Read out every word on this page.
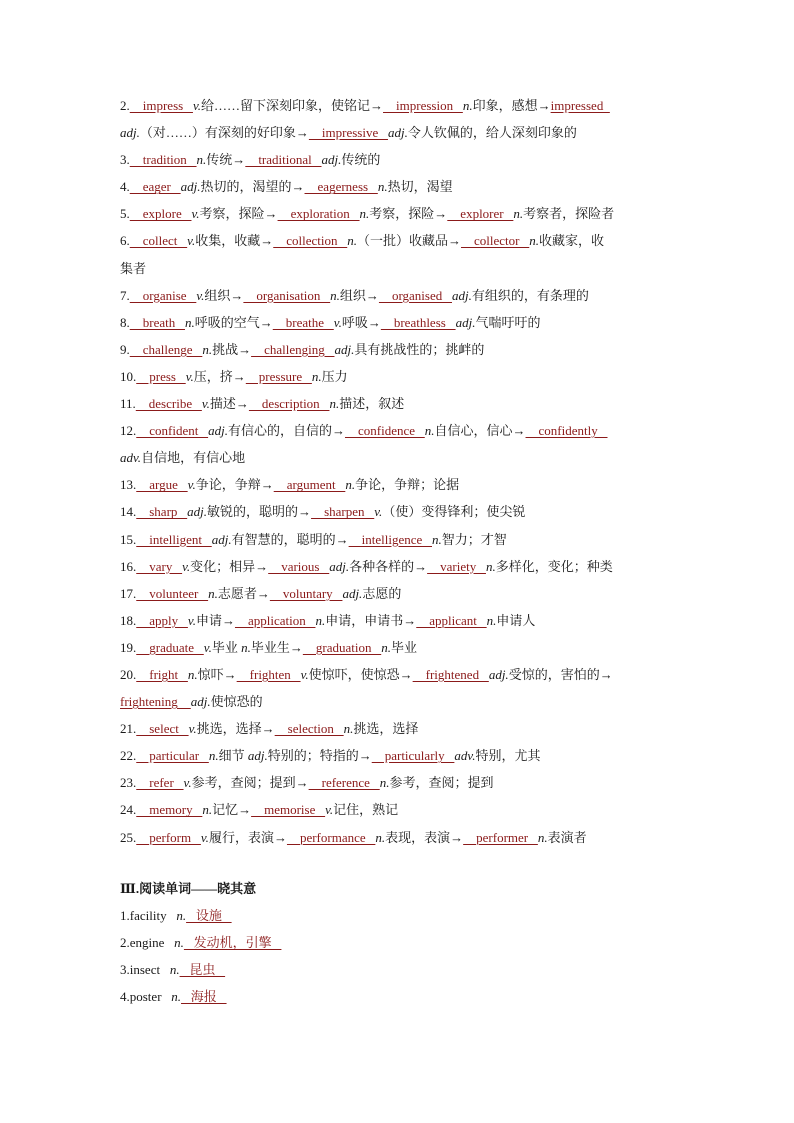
2.    impress   v.给……留下深刻印象，使铭记→    impression   n.印象，感想→impressed
adj.（对……）有深刻的好印象→    impressive   adj.令人钦佩的，给人深刻印象的
3.    tradition   n.传统→    traditional   adj.传统的
4.    eager   adj.热切的，渴望的→    eagerness   n.热切，渴望
5.    explore   v.考察，探险→    exploration   n.考察，探险→    explorer   n.考察者，探险者
6.    collect   v.收集，收藏→    collection   n.（一批）收藏品→    collector   n.收藏家，收
集者
7.    organise   v.组织→    organisation   n.组织→    organised   adj.有组织的，有条理的
8.    breath   n.呼吸的空气→    breathe   v.呼吸→    breathless   adj.气喘吁吁的
9.    challenge   n.挑战→    challenging   adj.具有挑战性的；挑衅的
10.    press   v.压，挤→    pressure   n.压力
11.    describe   v.描述→    description   n.描述，叙述
12.    confident   adj.有信心的，自信的→    confidence   n.自信心，信心→    confidently
adv.自信地，有信心地
13.    argue   v.争论，争辩→    argument   n.争论，争辩；论据
14.    sharp   adj.敏锐的，聪明的→    sharpen   v.（使）变得锋利；使尖锐
15.    intelligent   adj.有智慧的，聪明的→    intelligence   n.智力；才智
16.    vary   v.变化；相异→    various   adj.各种各样的→    variety   n.多样化，变化；种类
17.    volunteer   n.志愿者→    voluntary   adj.志愿的
18.    apply   v.申请→    application   n.申请，申请书→    applicant   n.申请人
19.    graduate   v.毕业 n.毕业生→    graduation   n.毕业
20.    fright   n.惊吓→    frighten   v.使惊吓，使惊恐→    frightened   adj.受惊的，害怕的→
frightening    adj.使惊恐的
21.    select   v.挑选，选择→    selection   n.挑选，选择
22.    particular   n.细节 adj.特别的；特指的→    particularly   adv.特别，尤其
23.    refer   v.参考，查阅；提到→    reference   n.参考，查阅；提到
24.    memory   n.记忆→    memorise   v.记住，熟记
25.    perform   v.履行，表演→    performance   n.表现，表演→    performer   n.表演者
Ⅲ.阅读单词——晓其意
1.facility n.   设施
2.engine n.   发动机，引擎
3.insect n.   昆虫
4.poster n.   海报
